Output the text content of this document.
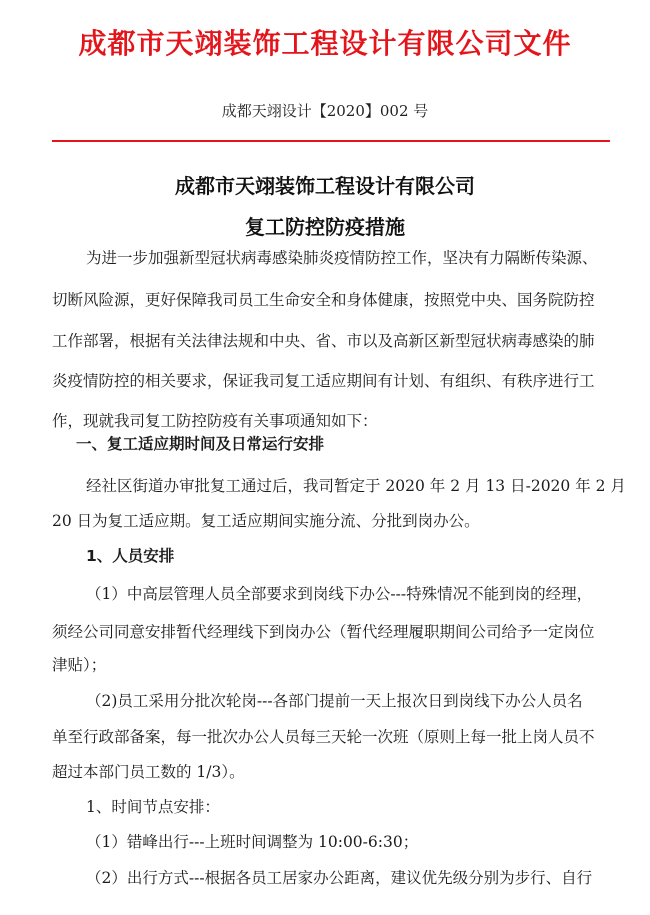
成都市天翊装饰工程设计有限公司文件
成都天翊设计【2020】002 号
成都市天翊装饰工程设计有限公司
复工防控防疫措施
为进一步加强新型冠状病毒感染肺炎疫情防控工作，坚决有力隔断传染源、
切断风险源，更好保障我司员工生命安全和身体健康，按照党中央、国务院防控
工作部署，根据有关法律法规和中央、省、市以及高新区新型冠状病毒感染的肺
炎疫情防控的相关要求，保证我司复工适应期间有计划、有组织、有秩序进行工
作，现就我司复工防控防疫有关事项通知如下：
一、复工适应期时间及日常运行安排
经社区街道办审批复工通过后，我司暂定于 2020 年 2 月 13 日-2020 年 2 月
20 日为复工适应期。复工适应期间实施分流、分批到岗办公。
1、人员安排
（1）中高层管理人员全部要求到岗线下办公---特殊情况不能到岗的经理，
须经公司同意安排暂代经理线下到岗办公（暂代经理履职期间公司给予一定岗位
津贴）；
（2)员工采用分批次轮岗---各部门提前一天上报次日到岗线下办公人员名
单至行政部备案，每一批次办公人员每三天轮一次班（原则上每一批上岗人员不
超过本部门员工数的 1/3）。
1、时间节点安排：
（1）错峰出行---上班时间调整为 10:00-6:30；
（2）出行方式---根据各员工居家办公距离，建议优先级分别为步行、自行
